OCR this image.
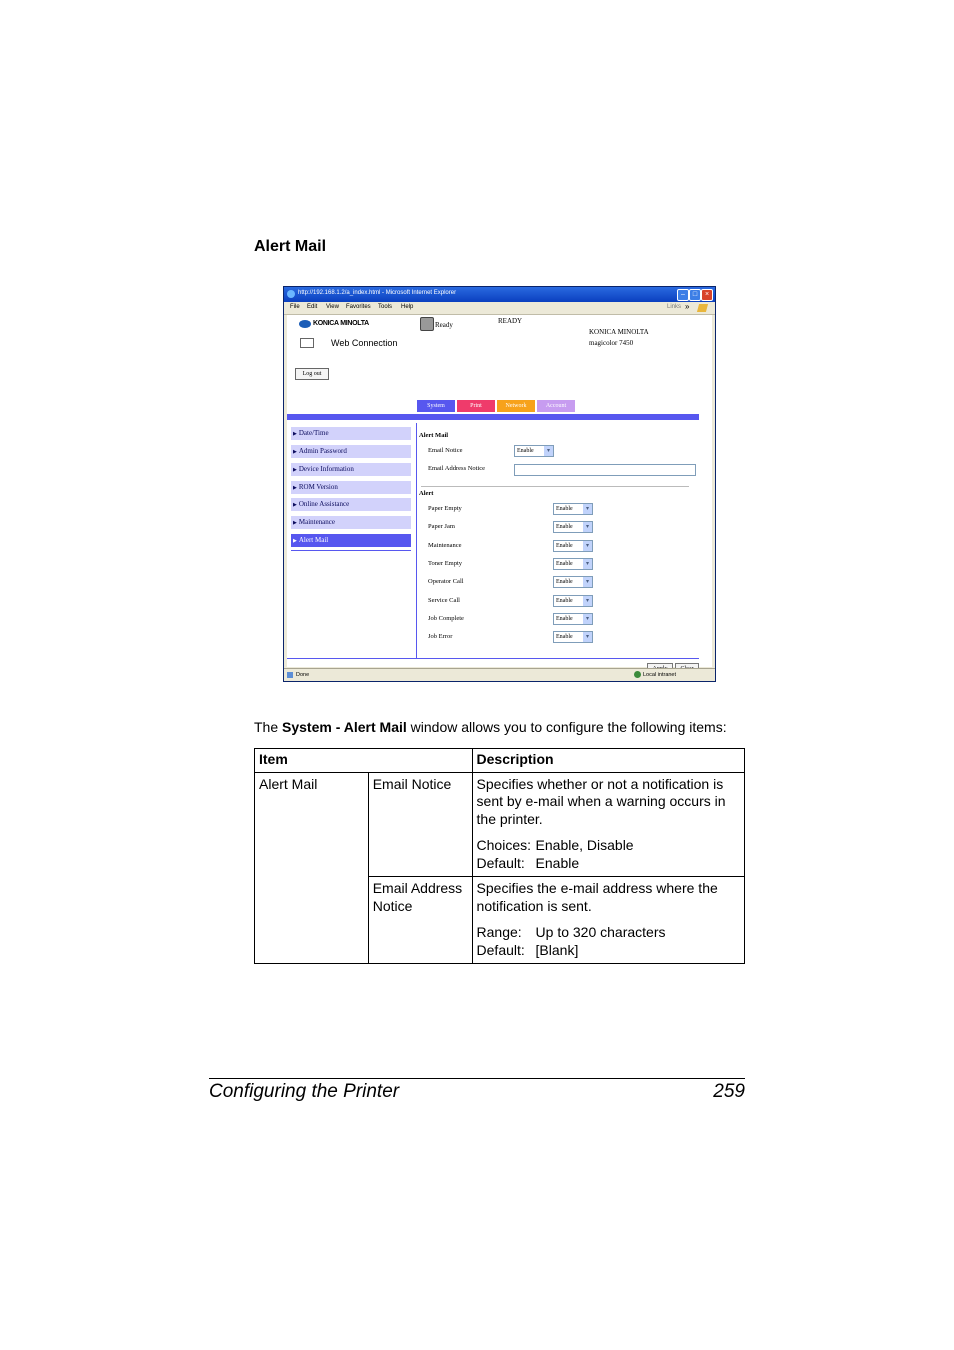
Alert Mail
http://192.168.1.2/a_index.html - Microsoft Internet Explorer	–	□	×
File Edit View Favorites Tools Help	Links »
KONICA MINOLTA
Web Connection
Ready	READY
KONICA MINOLTA
magicolor 7450
Log out
System	Print	Network	Account
▶ Date/Time
▶ Admin Password
▶ Device Information
▶ ROM Version
▶ Online Assistance
▶ Maintenance
▶ Alert Mail
Alert Mail
Email Notice	Enable	▾
Email Address Notice
Alert
Paper Empty	Enable	▾
Paper Jam	Enable	▾
Maintenance	Enable	▾
Toner Empty	Enable	▾
Operator Call	Enable	▾
Service Call	Enable	▾
Job Complete	Enable	▾
Job Error	Enable	▾
Done	Local intranet
The System - Alert Mail window allows you to configure the following items:
Item		Description
Alert Mail	Email Notice	Specifies whether or not a notification is sent by e-mail when a warning occurs in the printer.
Choices: Enable, Disable
Default: Enable

	Email Address Notice	Specifies the e-mail address where the notification is sent.
Range: Up to 320 characters
Default: [Blank]
Configuring the Printer	259
